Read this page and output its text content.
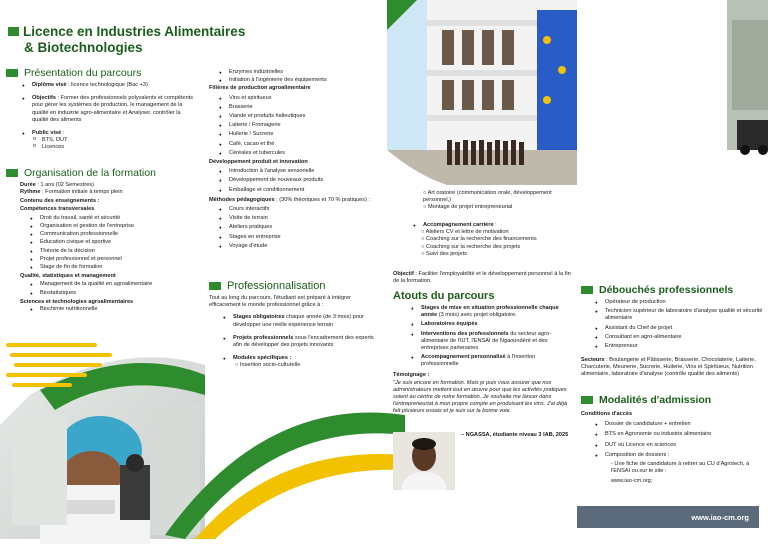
Licence en Industries Alimentaires
& Biotechnologies
Présentation du parcours
● Diplôme visé : licence technologique (Bac +3)
● Objectifs : Former des professionnels polyvalents et compétents pour gérer les systèmes de production, le management de la qualité en industrie agro-alimentaire et Analyser, contrôler la qualité des aliments
● Public visé :
o BTS, DUT
o Licences
Organisation de la formation
Durée : 1 ans (02 Semestres)
Rythme : Formation initiale à temps plein
Contenu des enseignements :
Compétences transversales
● Droit du travail, santé et sécurité
● Organisation et gestion de l'entreprise
● Communication professionnelle
● Éducation civique et sportive
● Théorie de la décision
● Projet professionnel et personnel
● Stage de fin de formation
Qualité, statistiques et management
● Management de la qualité en agroalimentaire
● Biostatistiques
Sciences et technologies agroalimentaires
● Biochimie nutritionnelle
● Enzymes industrielles
● Initiation à l'ingénierie des équipements
Filières de production agroalimentaire
● Vins et spiritueux
● Brasserie
● Viande et produits halieutiques
● Laiterie / Fromagerie
● Huilerie / Sucrerie
● Café, cacao et thé
● Céréales et tubercules
Développement produit et innovation
● Introduction à l'analyse sensorielle
● Développement de nouveaux produits
● Emballage et conditionnement
Méthodes pédagogiques : (30% théoriques et 70 % pratiques) :
● Cours interactifs
● Visite de terrain
● Ateliers pratiques
● Stages en entreprise
● Voyage d'étude
Professionnalisation
Tout au long du parcours, l'étudiant est préparé à intégrer efficacement le monde professionnel grâce à :
● Stages obligatoires chaque année (de 3 mois) pour développer une réelle expérience terrain
● Projets professionnels sous l'encadrement des experts afin de développer des projets innovants
● Modules spécifiques :
○ Insertion socio-culturelle
○ Art oratoire (communication orale, développement personnel,)
○ Montage de projet entrepreneurial
● Accompagnement carrière :
○ Ateliers CV et lettre de motivation
○ Coaching sur la recherche des financements
○ Coaching sur la recherche des projets
○ Suivi des projets
Objectif : Faciliter l'employabilité et le développement personnel à la fin de la formation.
Atouts du parcours
● Stages de mise en situation professionnelle chaque année (3 mois) avec projet obligatoire.
● Laboratoires équipés
● Interventions des professionnels du secteur agro-alimentaire de l'IUT, l'ENSAI de Ngaoundéré et des entreprises partenaires
● Accompagnement personnalisé à l'insertion professionnelle
Témoignage :
"Je suis encore en formation. Mais je puis vous assurer que nos administrateurs mettent tout en œuvre pour que les activités pratiques soient au centre de notre formation. Je souhaite me lancer dans l'entrepreneuriat à mon propre compte en produisant les vins. J'ai déjà fait plusieurs essais et je suis sur la bonne voie.
– NGASSA, étudiante niveau 3 IAB, 2025
Débouchés professionnels
● Opérateur de production
● Technicien supérieur de laboratoire d'analyse qualité et sécurité alimentaire
● Assistant du Chef de projet
● Consultant en agro-alimentaire
● Entrepreneur
Secteurs : Boulangerie et Pâtisserie, Brasserie, Chocolaterie, Laiterie, Charcuterie, Meunerie, Sucrerie, Huilerie, Vins et Spiritueux, Nutrition alimentaire, laboratoire d'analyse (contrôle qualité des aliments)
Modalités d'admission
Conditions d'accès
● Dossier de candidature + entretien
● BTS en Agronomie ou industrie alimentaire
● DUT ou Licence en sciences
● Composition de dossiers :
- Une fiche de candidature à retirer au CU d'Agrotech, à l'ENSAI ou sur le site :
www.iao-cm.org;
www.iao-cm.org
